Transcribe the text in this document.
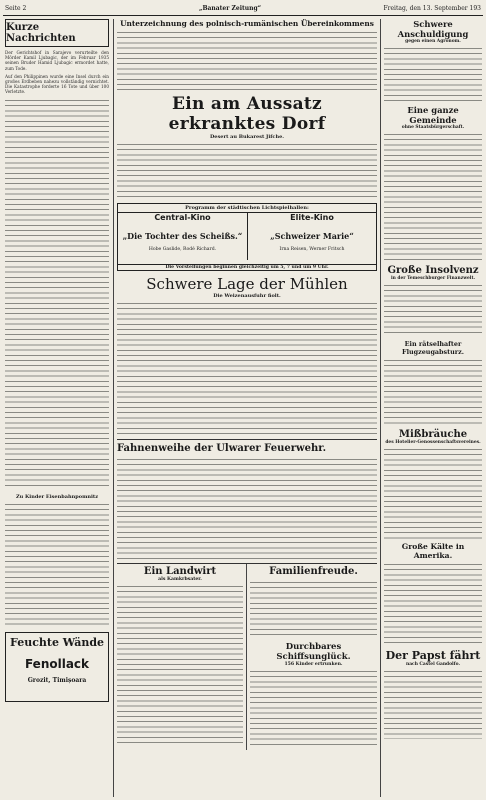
Seite 2	„Banater Zeitung“	Freitag, den 13. September 193
Kurze Nachrichten
Der Gerichtshof in Sarajevo verurteilte den Mörder Kamil Ljubagic, der im Februar 1935 seinen Bruder Hamid Ljubagic ermordet hatte, zum Tode.
Auf den Philippinen wurde eine Insel durch ein großes Erdbeben nahezu vollständig vernichtet. Die Katastrophe forderte 16 Tote und über 100 Verletzte.
Zu Kinder Eisenbahnpomnitz
Feuchte Wände
Fenollack
Grozit, Timișoara
Unterzeichnung des polnisch-rumänischen Übereinkommens
Ein am Aussatz erkranktes Dorf
Desert au Bukarest Jifche.
Programm der städtischen Lichtspielhallen:
Central-Kino
„Die Tochter des Scheißs.“
Hobe Gaslide, Rodé Richard.
Elite-Kino
„Schweizer Marie“
Irna Reisen, Werner Fritsch
Die Vorstellungen beginnen gleichzeitig um 5, 7 und um 9 Uhr.
Schwere Lage der Mühlen
Die Weizenausfuhr fiolt.
Fahnenweihe der Ulwarer Feuerwehr.
Ein Landwirt
als Kamkrbsater.
Familienfreude.
Durchbares Schiffsunglück.
156 Kinder ertrunken.
Schwere Anschuldigung
gegen einen Agronom.
Eine ganze Gemeinde
ohne Staatsbürgerschaft.
Große Insolvenz
in der Temeschburger Finanzwelt.
Ein rätselhafter Flugzeugabsturz.
Mißbräuche
des Hotelier-Genossenschaftsvereines.
Große Kälte in Amerika.
Der Papst fährt
nach Castel Gandolfo.
